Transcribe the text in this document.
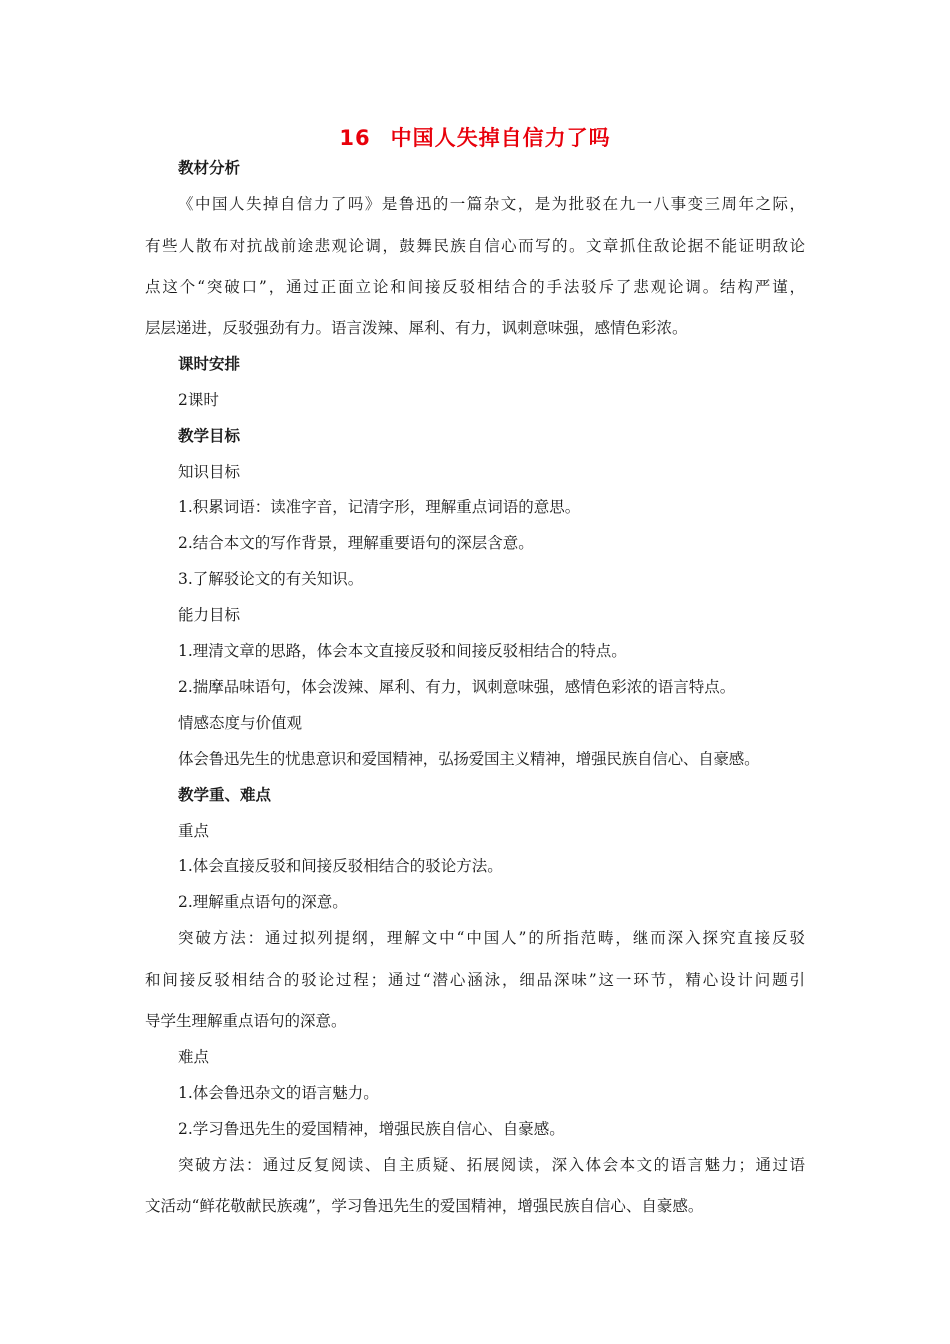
16 中国人失掉自信力了吗
教材分析
《中国人失掉自信力了吗》是鲁迅的一篇杂文，是为批驳在九一八事变三周年之际，
有些人散布对抗战前途悲观论调，鼓舞民族自信心而写的。文章抓住敌论据不能证明敌论
点这个“突破口”，通过正面立论和间接反驳相结合的手法驳斥了悲观论调。结构严谨，
层层递进，反驳强劲有力。语言泼辣、犀利、有力，讽刺意味强，感情色彩浓。
课时安排
2课时
教学目标
知识目标
1.积累词语：读准字音，记清字形，理解重点词语的意思。
2.结合本文的写作背景，理解重要语句的深层含意。
3.了解驳论文的有关知识。
能力目标
1.理清文章的思路，体会本文直接反驳和间接反驳相结合的特点。
2.揣摩品味语句，体会泼辣、犀利、有力，讽刺意味强，感情色彩浓的语言特点。
情感态度与价值观
体会鲁迅先生的忧患意识和爱国精神，弘扬爱国主义精神，增强民族自信心、自豪感。
教学重、难点
重点
1.体会直接反驳和间接反驳相结合的驳论方法。
2.理解重点语句的深意。
突破方法：通过拟列提纲，理解文中“中国人”的所指范畴，继而深入探究直接反驳
和间接反驳相结合的驳论过程；通过“潜心涵泳，细品深味”这一环节，精心设计问题引
导学生理解重点语句的深意。
难点
1.体会鲁迅杂文的语言魅力。
2.学习鲁迅先生的爱国精神，增强民族自信心、自豪感。
突破方法：通过反复阅读、自主质疑、拓展阅读，深入体会本文的语言魅力；通过语
文活动“鲜花敬献民族魂”，学习鲁迅先生的爱国精神，增强民族自信心、自豪感。
